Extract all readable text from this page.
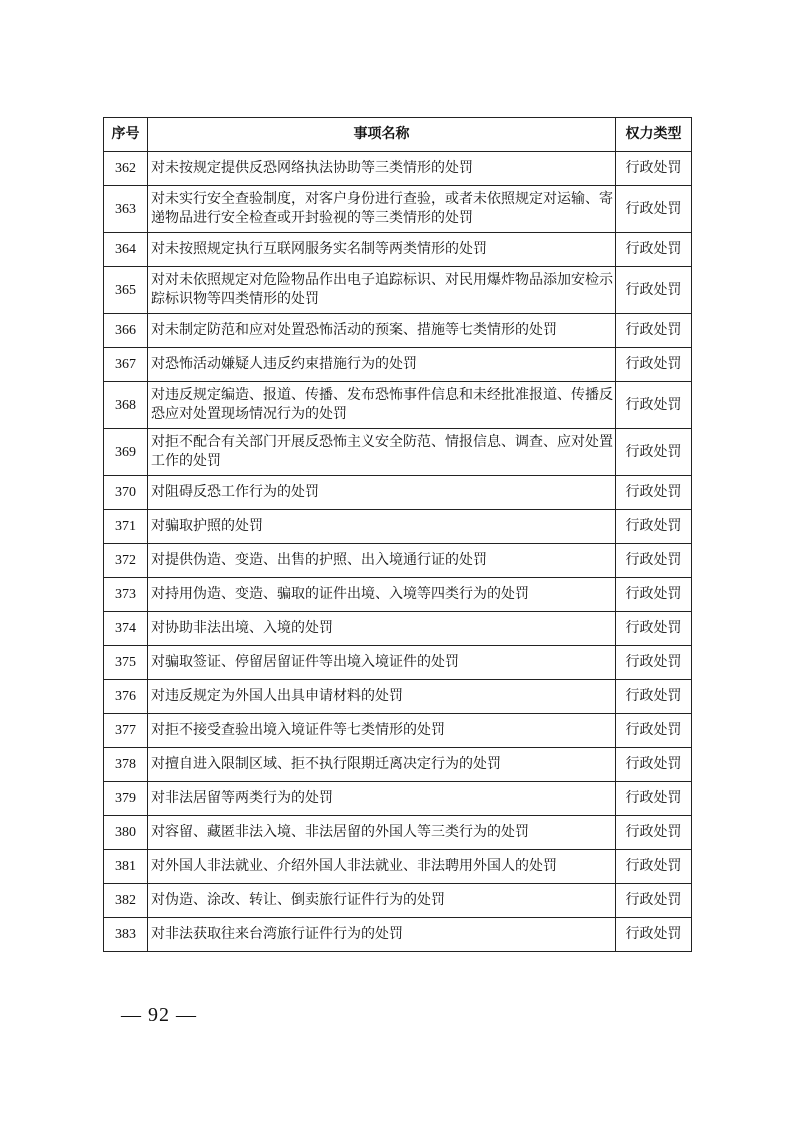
序号	事项名称	权力类型
362	对未按规定提供反恐网络执法协助等三类情形的处罚	行政处罚
363	对未实行安全查验制度，对客户身份进行查验，或者未依照规定对运输、寄递物品进行安全检查或开封验视的等三类情形的处罚	行政处罚
364	对未按照规定执行互联网服务实名制等两类情形的处罚	行政处罚
365	对对未依照规定对危险物品作出电子追踪标识、对民用爆炸物品添加安检示踪标识物等四类情形的处罚	行政处罚
366	对未制定防范和应对处置恐怖活动的预案、措施等七类情形的处罚	行政处罚
367	对恐怖活动嫌疑人违反约束措施行为的处罚	行政处罚
368	对违反规定编造、报道、传播、发布恐怖事件信息和未经批准报道、传播反恐应对处置现场情况行为的处罚	行政处罚
369	对拒不配合有关部门开展反恐怖主义安全防范、情报信息、调查、应对处置工作的处罚	行政处罚
370	对阻碍反恐工作行为的处罚	行政处罚
371	对骗取护照的处罚	行政处罚
372	对提供伪造、变造、出售的护照、出入境通行证的处罚	行政处罚
373	对持用伪造、变造、骗取的证件出境、入境等四类行为的处罚	行政处罚
374	对协助非法出境、入境的处罚	行政处罚
375	对骗取签证、停留居留证件等出境入境证件的处罚	行政处罚
376	对违反规定为外国人出具申请材料的处罚	行政处罚
377	对拒不接受查验出境入境证件等七类情形的处罚	行政处罚
378	对擅自进入限制区域、拒不执行限期迁离决定行为的处罚	行政处罚
379	对非法居留等两类行为的处罚	行政处罚
380	对容留、藏匿非法入境、非法居留的外国人等三类行为的处罚	行政处罚
381	对外国人非法就业、介绍外国人非法就业、非法聘用外国人的处罚	行政处罚
382	对伪造、涂改、转让、倒卖旅行证件行为的处罚	行政处罚
383	对非法获取往来台湾旅行证件行为的处罚	行政处罚
— 92 —
